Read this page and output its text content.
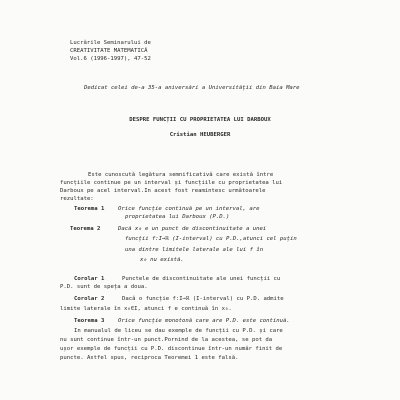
Lucrările Seminarului de
CREATIVITATE MATEMATICĂ
Vol.6 (1996-1997), 47-52
Dedicat celei de-a 35-a aniversări a Universității din Baia Mare
DESPRE FUNCȚII CU PROPRIETATEA LUI DARBOUX
Cristian HEUBERGER
Este cunoscută legătura semnificativă care există între
funcțiile continue pe un interval și funcțiile cu proprietatea lui
Darboux pe acel interval.In acest fost reamintesc următoarele
rezultate:
Teorema 1 Orice funcție continuă pe un interval, are
proprietatea lui Darboux (P.D.)
Teorema 2	Dacă x₀ e un punct de discontinuitate a unei
funcții f:I→ℝ (I-interval) cu P.D.,atunci cel puțin
una dintre limitele laterale ale lui f în
x₀ nu există.
Corolar 1	Punctele de discontinuitate ale unei funcții cu
P.D. sunt de speța a doua.
Corolar 2	Dacă o funcție f:I→ℝ (I-interval) cu P.D. admite
limite laterale în x₀∈I, atunci f e continuă în x₀.
Teorema 3 Orice funcție monotonă care are P.D. este continuă.
In manualul de liceu se dau exemple de funcții cu P.D. și care
nu sunt continue într-un punct.Pornind de la acestea, se pot da
ușor exemple de funcții cu P.D. discontinue într-un număr finit de
puncte. Astfel spus, reciproca Teoremei 1 este falsă.
